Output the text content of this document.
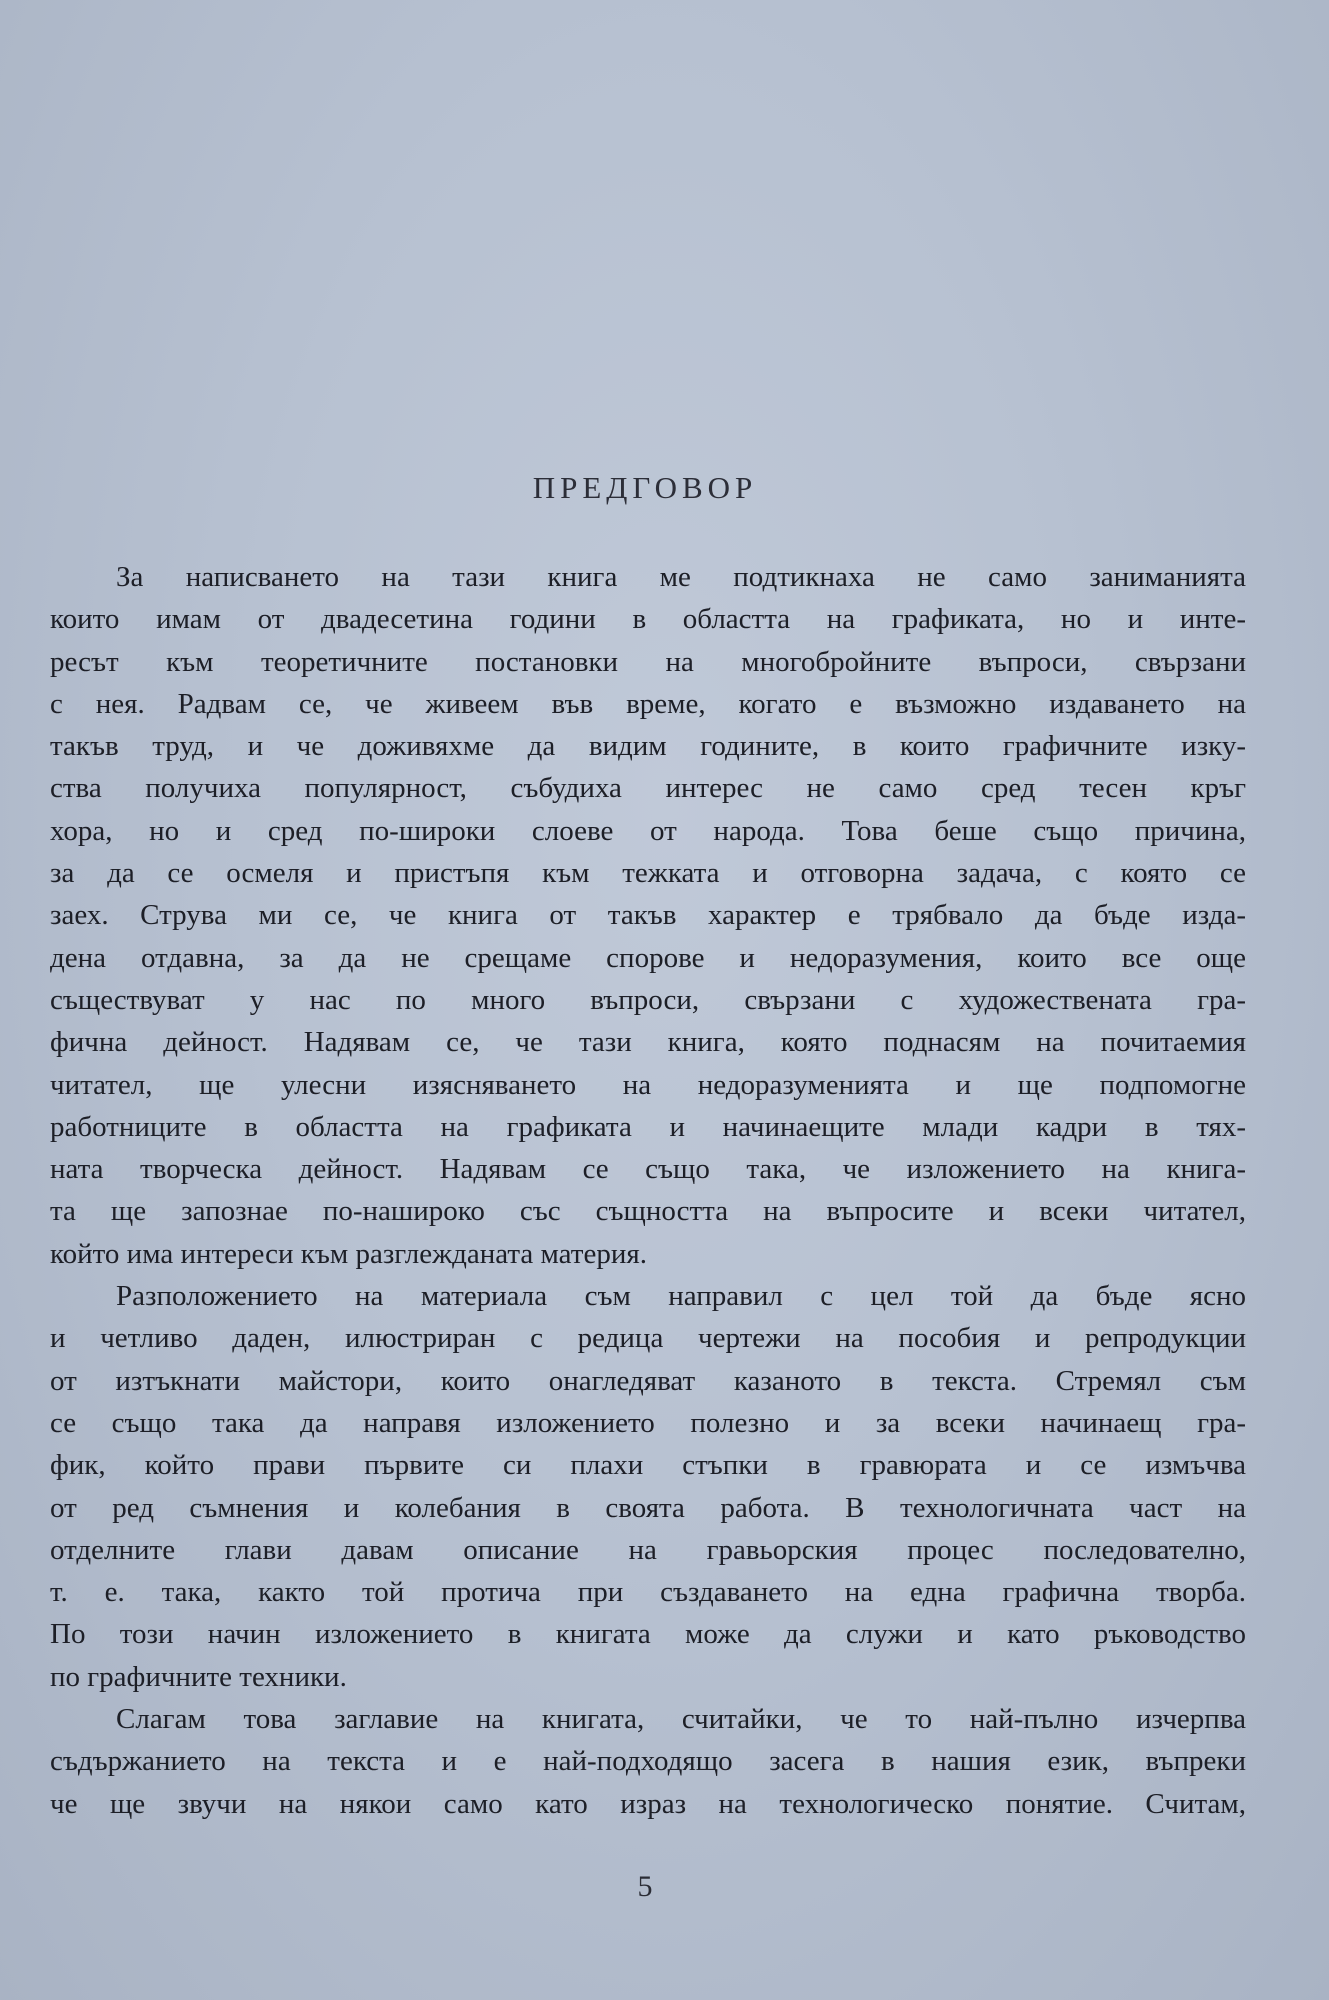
ПРЕДГОВОР
За написването на тази книга ме подтикнаха не само заниманията
които имам от двадесетина години в областта на графиката, но и инте-
ресът към теоретичните постановки на многобройните въпроси, свързани
с нея. Радвам се, че живеем във време, когато е възможно издаването на
такъв труд, и че доживяхме да видим годините, в които графичните изку-
ства получиха популярност, събудиха интерес не само сред тесен кръг
хора, но и сред по-широки слоеве от народа. Това беше също причина,
за да се осмеля и пристъпя към тежката и отговорна задача, с която се
заех. Струва ми се, че книга от такъв характер е трябвало да бъде изда-
дена отдавна, за да не срещаме спорове и недоразумения, които все още
съществуват у нас по много въпроси, свързани с художествената гра-
фична дейност. Надявам се, че тази книга, която поднасям на почитаемия
читател, ще улесни изясняването на недоразуменията и ще подпомогне
работниците в областта на графиката и начинаещите млади кадри в тях-
ната творческа дейност. Надявам се също така, че изложението на книга-
та ще запознае по-нашироко със същността на въпросите и всеки читател,
който има интереси към разглежданата материя.
Разположението на материала съм направил с цел той да бъде ясно
и четливо даден, илюстриран с редица чертежи на пособия и репродукции
от изтъкнати майстори, които онагледяват казаното в текста. Стремял съм
се също така да направя изложението полезно и за всеки начинаещ гра-
фик, който прави първите си плахи стъпки в гравюрата и се измъчва
от ред съмнения и колебания в своята работа. В технологичната част на
отделните глави давам описание на гравьорския процес последователно,
т. е. така, както той протича при създаването на една графична творба.
По този начин изложението в книгата може да служи и като ръководство
по графичните техники.
Слагам това заглавие на книгата, считайки, че то най-пълно изчерпва
съдържанието на текста и е най-подходящо засега в нашия език, въпреки
че ще звучи на някои само като израз на технологическо понятие. Считам,
5
